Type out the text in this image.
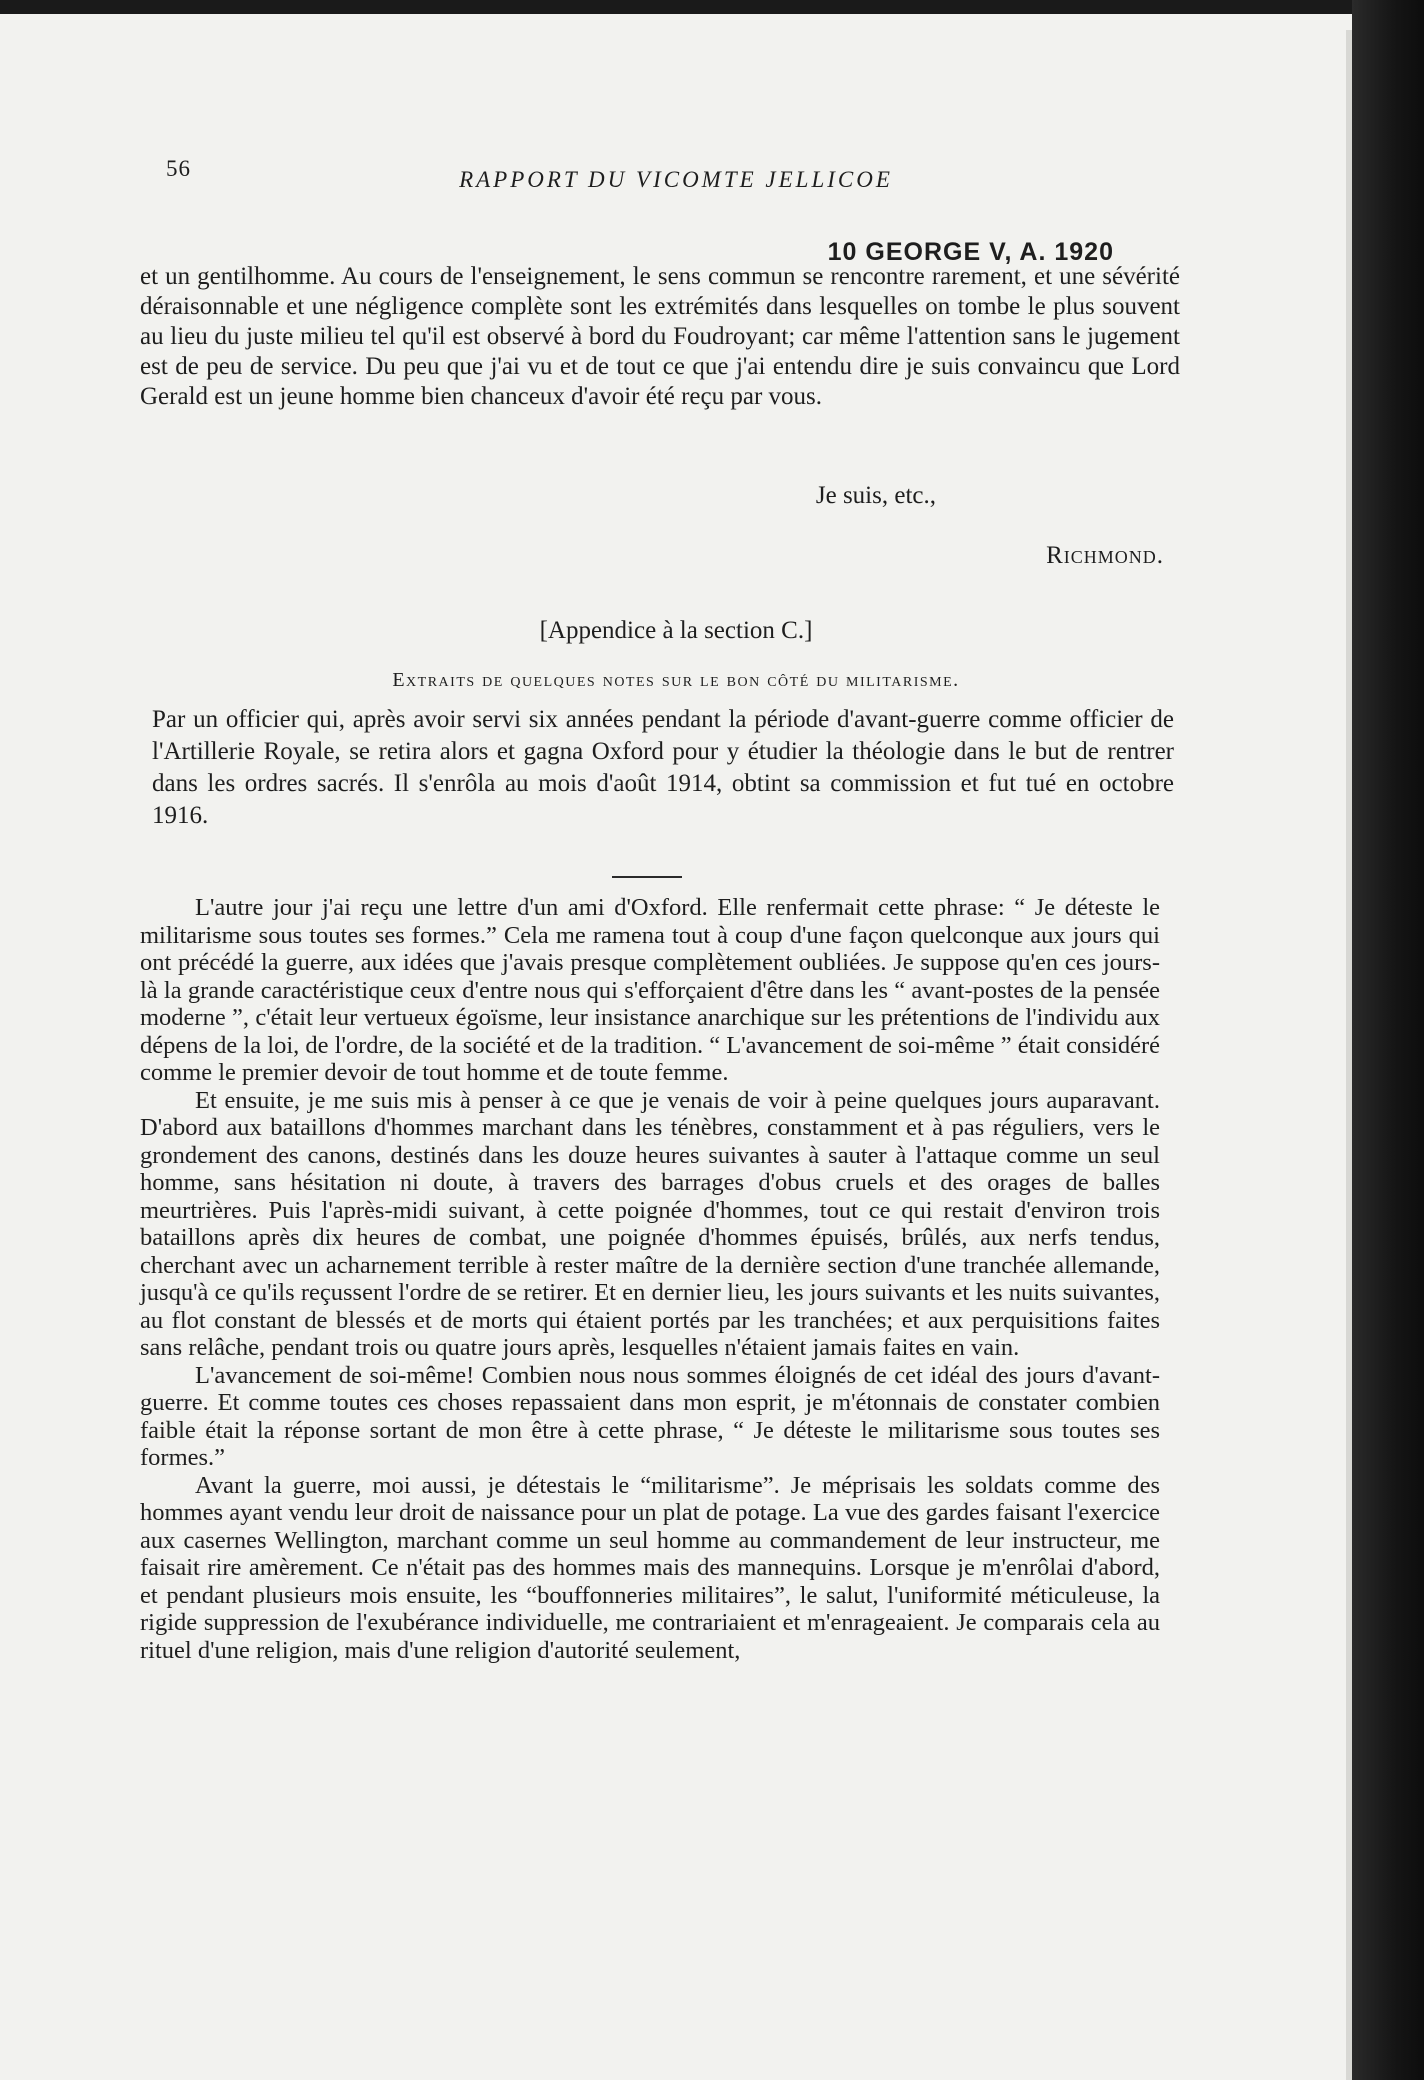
56	RAPPORT DU VICOMTE JELLICOE
10 GEORGE V, A. 1920

et un gentilhomme. Au cours de l'enseignement, le sens commun se rencontre rarement, et une sévérité déraisonnable et une négligence complète sont les extrémités dans lesquelles on tombe le plus souvent au lieu du juste milieu tel qu'il est observé à bord du Foudroyant; car même l'attention sans le jugement est de peu de service. Du peu que j'ai vu et de tout ce que j'ai entendu dire je suis convaincu que Lord Gerald est un jeune homme bien chanceux d'avoir été reçu par vous.

Je suis, etc.,
Richmond.
[Appendice à la section C.]
Extraits de quelques notes sur le bon côté du militarisme.

Par un officier qui, après avoir servi six années pendant la période d'avant-guerre comme officier de l'Artillerie Royale, se retira alors et gagna Oxford pour y étudier la théologie dans le but de rentrer dans les ordres sacrés. Il s'enrôla au mois d'août 1914, obtint sa commission et fut tué en octobre 1916.

L'autre jour j'ai reçu une lettre d'un ami d'Oxford. Elle renfermait cette phrase: “ Je déteste le militarisme sous toutes ses formes.” Cela me ramena tout à coup d'une façon quelconque aux jours qui ont précédé la guerre, aux idées que j'avais presque complètement oubliées. Je suppose qu'en ces jours-là la grande caractéristique ceux d'entre nous qui s'efforçaient d'être dans les “ avant-postes de la pensée moderne ”, c'était leur vertueux égoïsme, leur insistance anarchique sur les prétentions de l'individu aux dépens de la loi, de l'ordre, de la société et de la tradition. “ L'avancement de soi-même ” était considéré comme le premier devoir de tout homme et de toute femme.

Et ensuite, je me suis mis à penser à ce que je venais de voir à peine quelques jours auparavant. D'abord aux bataillons d'hommes marchant dans les ténèbres, constamment et à pas réguliers, vers le grondement des canons, destinés dans les douze heures suivantes à sauter à l'attaque comme un seul homme, sans hésitation ni doute, à travers des barrages d'obus cruels et des orages de balles meurtrières. Puis l'après-midi suivant, à cette poignée d'hommes, tout ce qui restait d'environ trois bataillons après dix heures de combat, une poignée d'hommes épuisés, brûlés, aux nerfs tendus, cherchant avec un acharnement terrible à rester maître de la dernière section d'une tranchée allemande, jusqu'à ce qu'ils reçussent l'ordre de se retirer. Et en dernier lieu, les jours suivants et les nuits suivantes, au flot constant de blessés et de morts qui étaient portés par les tranchées; et aux perquisitions faites sans relâche, pendant trois ou quatre jours après, lesquelles n'étaient jamais faites en vain.

L'avancement de soi-même! Combien nous nous sommes éloignés de cet idéal des jours d'avant-guerre. Et comme toutes ces choses repassaient dans mon esprit, je m'étonnais de constater combien faible était la réponse sortant de mon être à cette phrase, “ Je déteste le militarisme sous toutes ses formes.”

Avant la guerre, moi aussi, je détestais le “militarisme”. Je méprisais les soldats comme des hommes ayant vendu leur droit de naissance pour un plat de potage. La vue des gardes faisant l'exercice aux casernes Wellington, marchant comme un seul homme au commandement de leur instructeur, me faisait rire amèrement. Ce n'était pas des hommes mais des mannequins. Lorsque je m'enrôlai d'abord, et pendant plusieurs mois ensuite, les “bouffonneries militaires”, le salut, l'uniformité méticuleuse, la rigide suppression de l'exubérance individuelle, me contrariaient et m'enrageaient. Je comparais cela au rituel d'une religion, mais d'une religion d'autorité seulement,
